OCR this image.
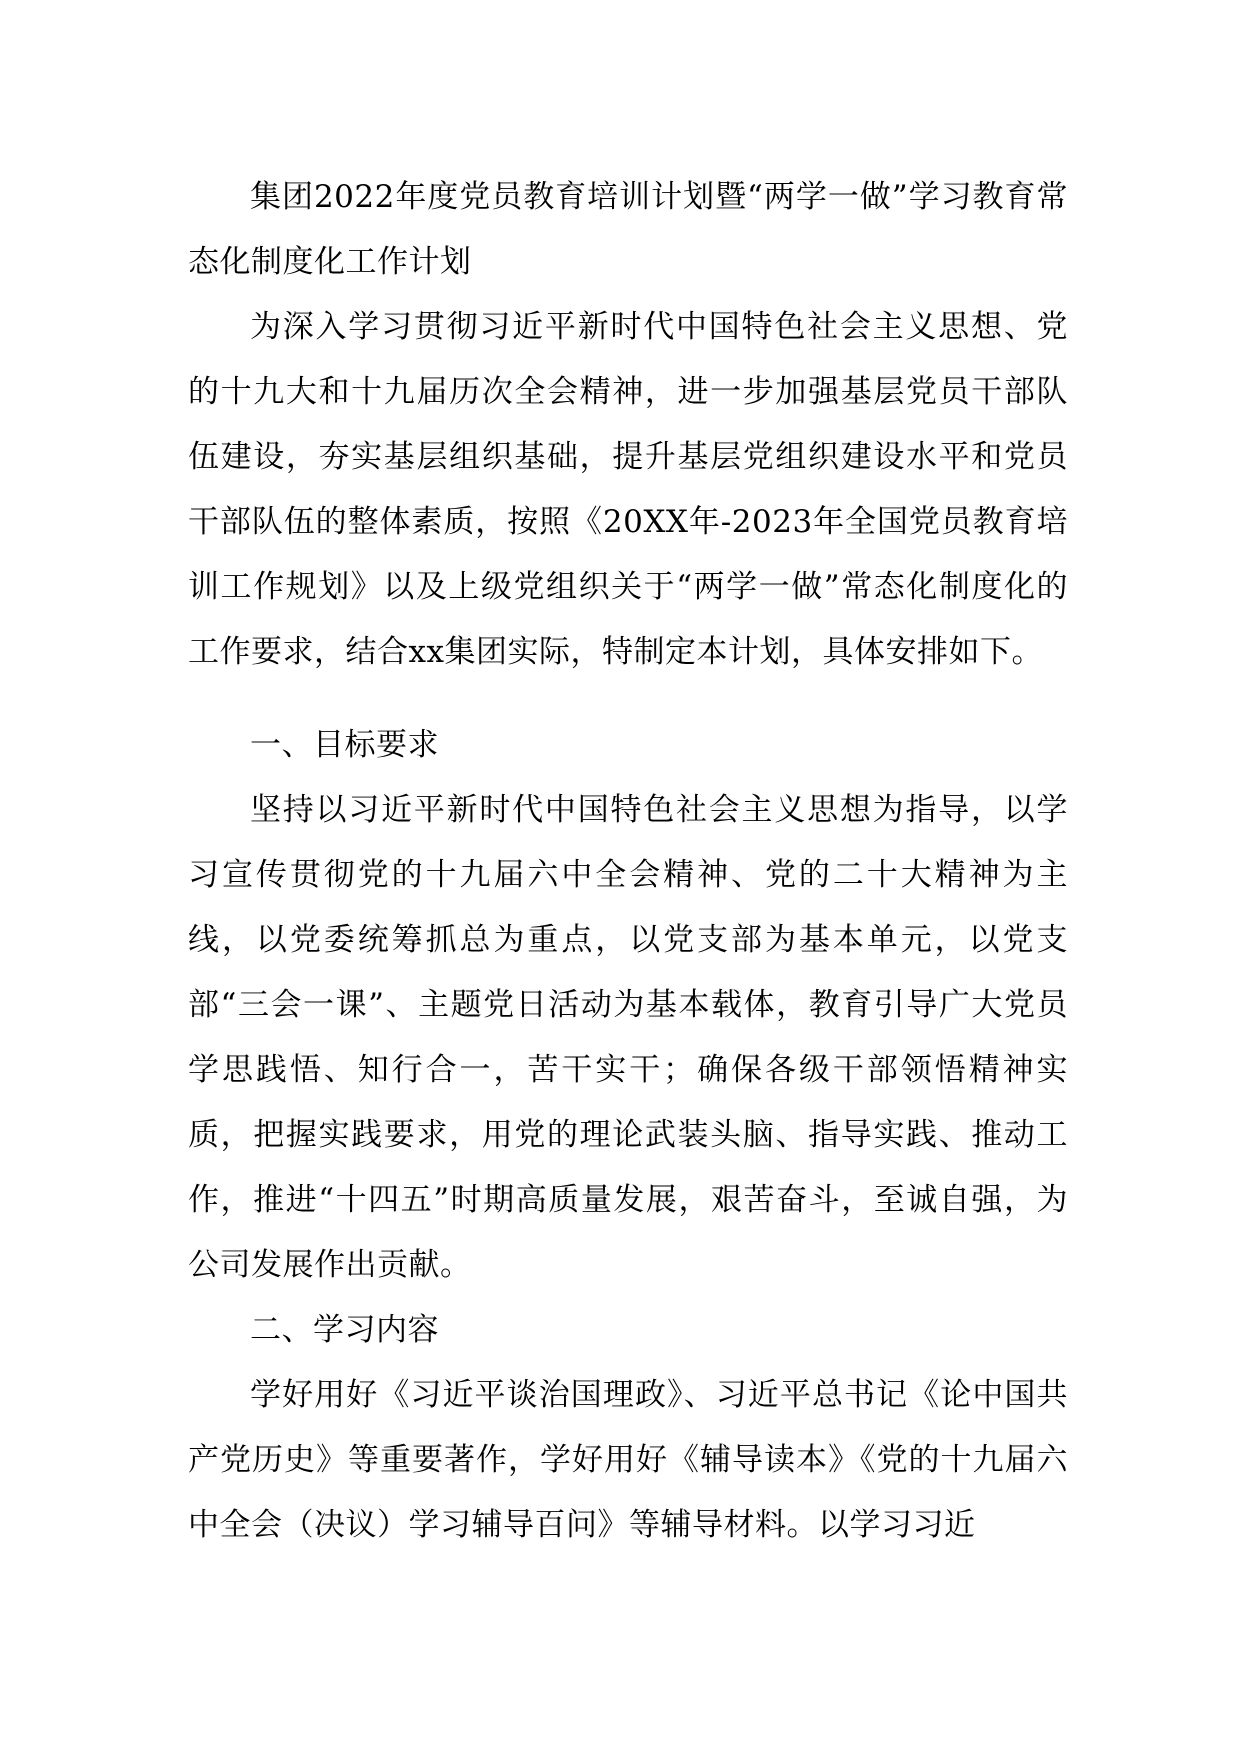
集团2022年度党员教育培训计划暨“两学一做”学习教育常态化制度化工作计划

为深入学习贯彻习近平新时代中国特色社会主义思想、党的十九大和十九届历次全会精神，进一步加强基层党员干部队伍建设，夯实基层组织基础，提升基层党组织建设水平和党员干部队伍的整体素质，按照《20XX年-2023年全国党员教育培训工作规划》以及上级党组织关于“两学一做”常态化制度化的工作要求，结合xx集团实际，特制定本计划，具体安排如下。

一、目标要求

坚持以习近平新时代中国特色社会主义思想为指导，以学习宣传贯彻党的十九届六中全会精神、党的二十大精神为主线，以党委统筹抓总为重点，以党支部为基本单元，以党支部“三会一课”、主题党日活动为基本载体，教育引导广大党员学思践悟、知行合一，苦干实干；确保各级干部领悟精神实质，把握实践要求，用党的理论武装头脑、指导实践、推动工作，推进“十四五”时期高质量发展，艰苦奋斗，至诚自强，为公司发展作出贡献。

二、学习内容

学好用好《习近平谈治国理政》、习近平总书记《论中国共产党历史》等重要著作，学好用好《辅导读本》《党的十九届六中全会（决议）学习辅导百问》等辅导材料。以学习习近
